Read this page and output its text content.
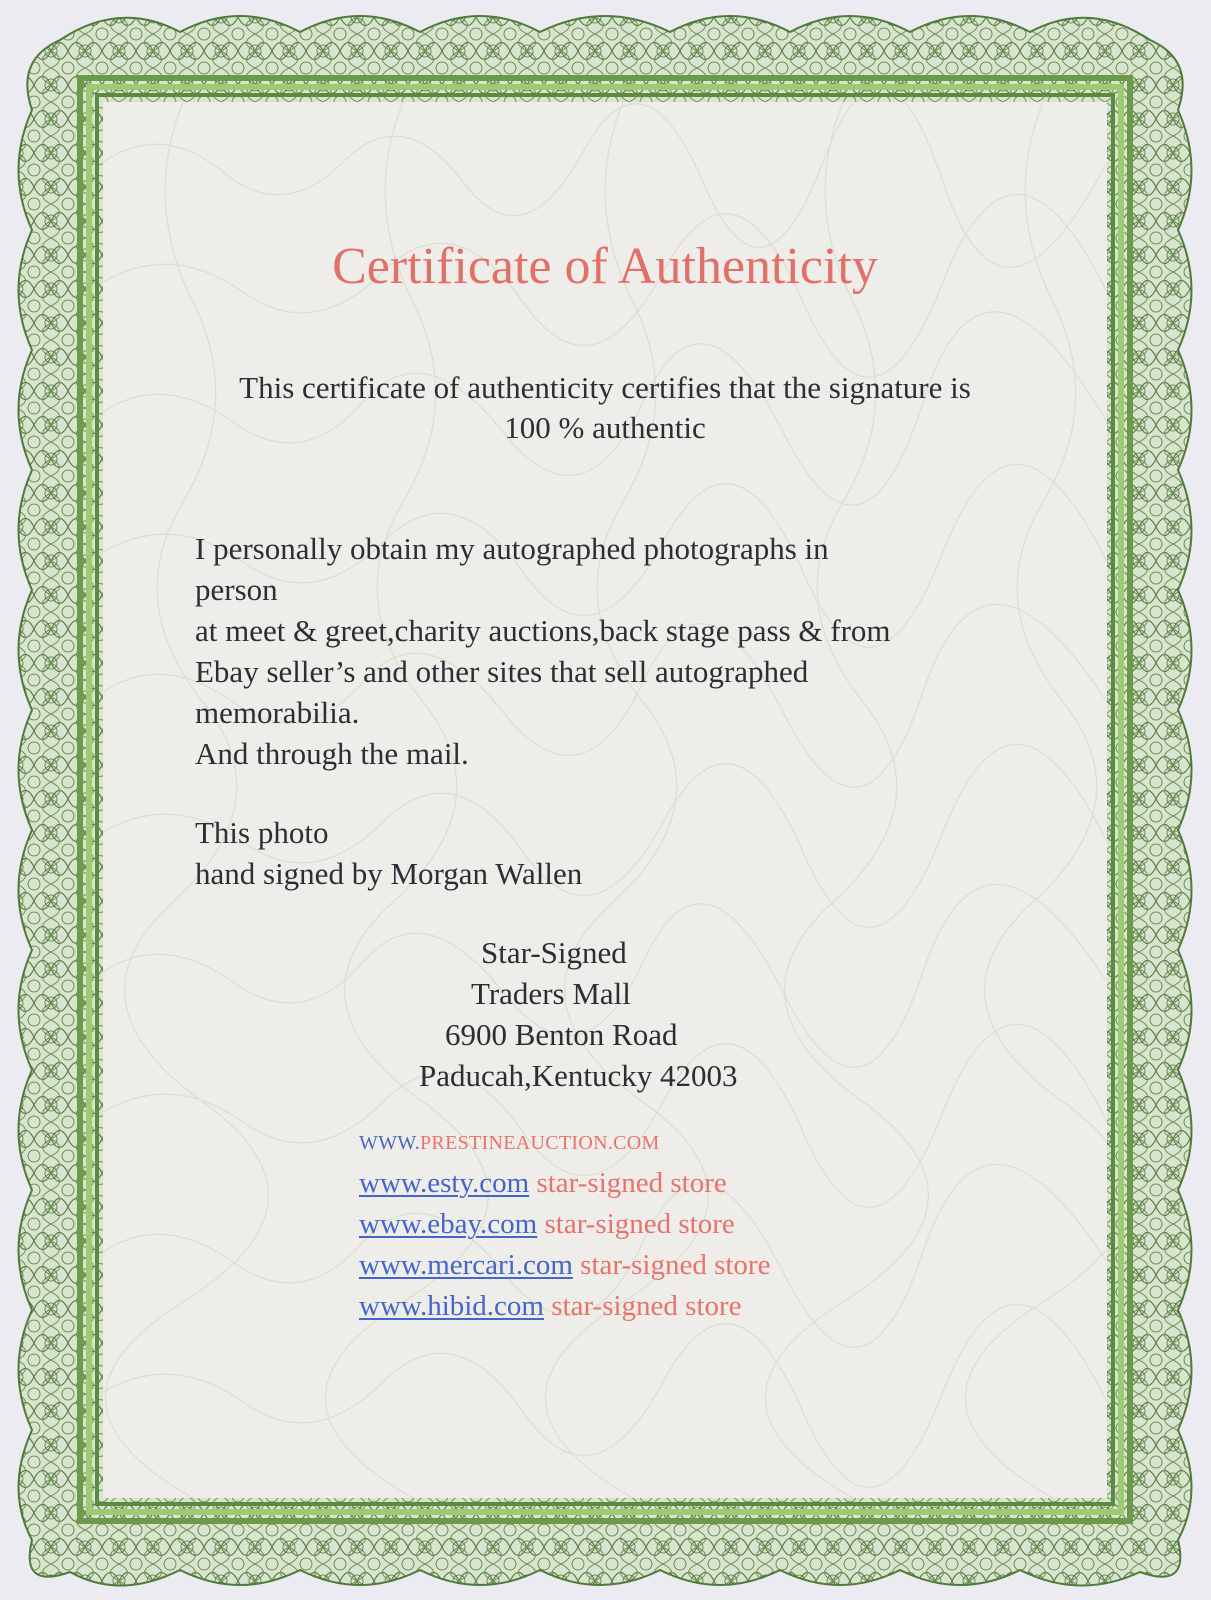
Certificate of Authenticity
This certificate of authenticity certifies that the signature is
100 % authentic
I personally obtain my autographed photographs in
person
at meet & greet,charity auctions,back stage pass & from
Ebay seller’s and other sites that sell autographed
memorabilia.
And through the mail.
This photo
hand signed by Morgan Wallen
Star-Signed
Traders Mall
6900 Benton Road
Paducah,Kentucky 42003
WWW.PRESTINEAUCTION.COM
www.esty.com star-signed store
www.ebay.com star-signed store
www.mercari.com star-signed store
www.hibid.com star-signed store
